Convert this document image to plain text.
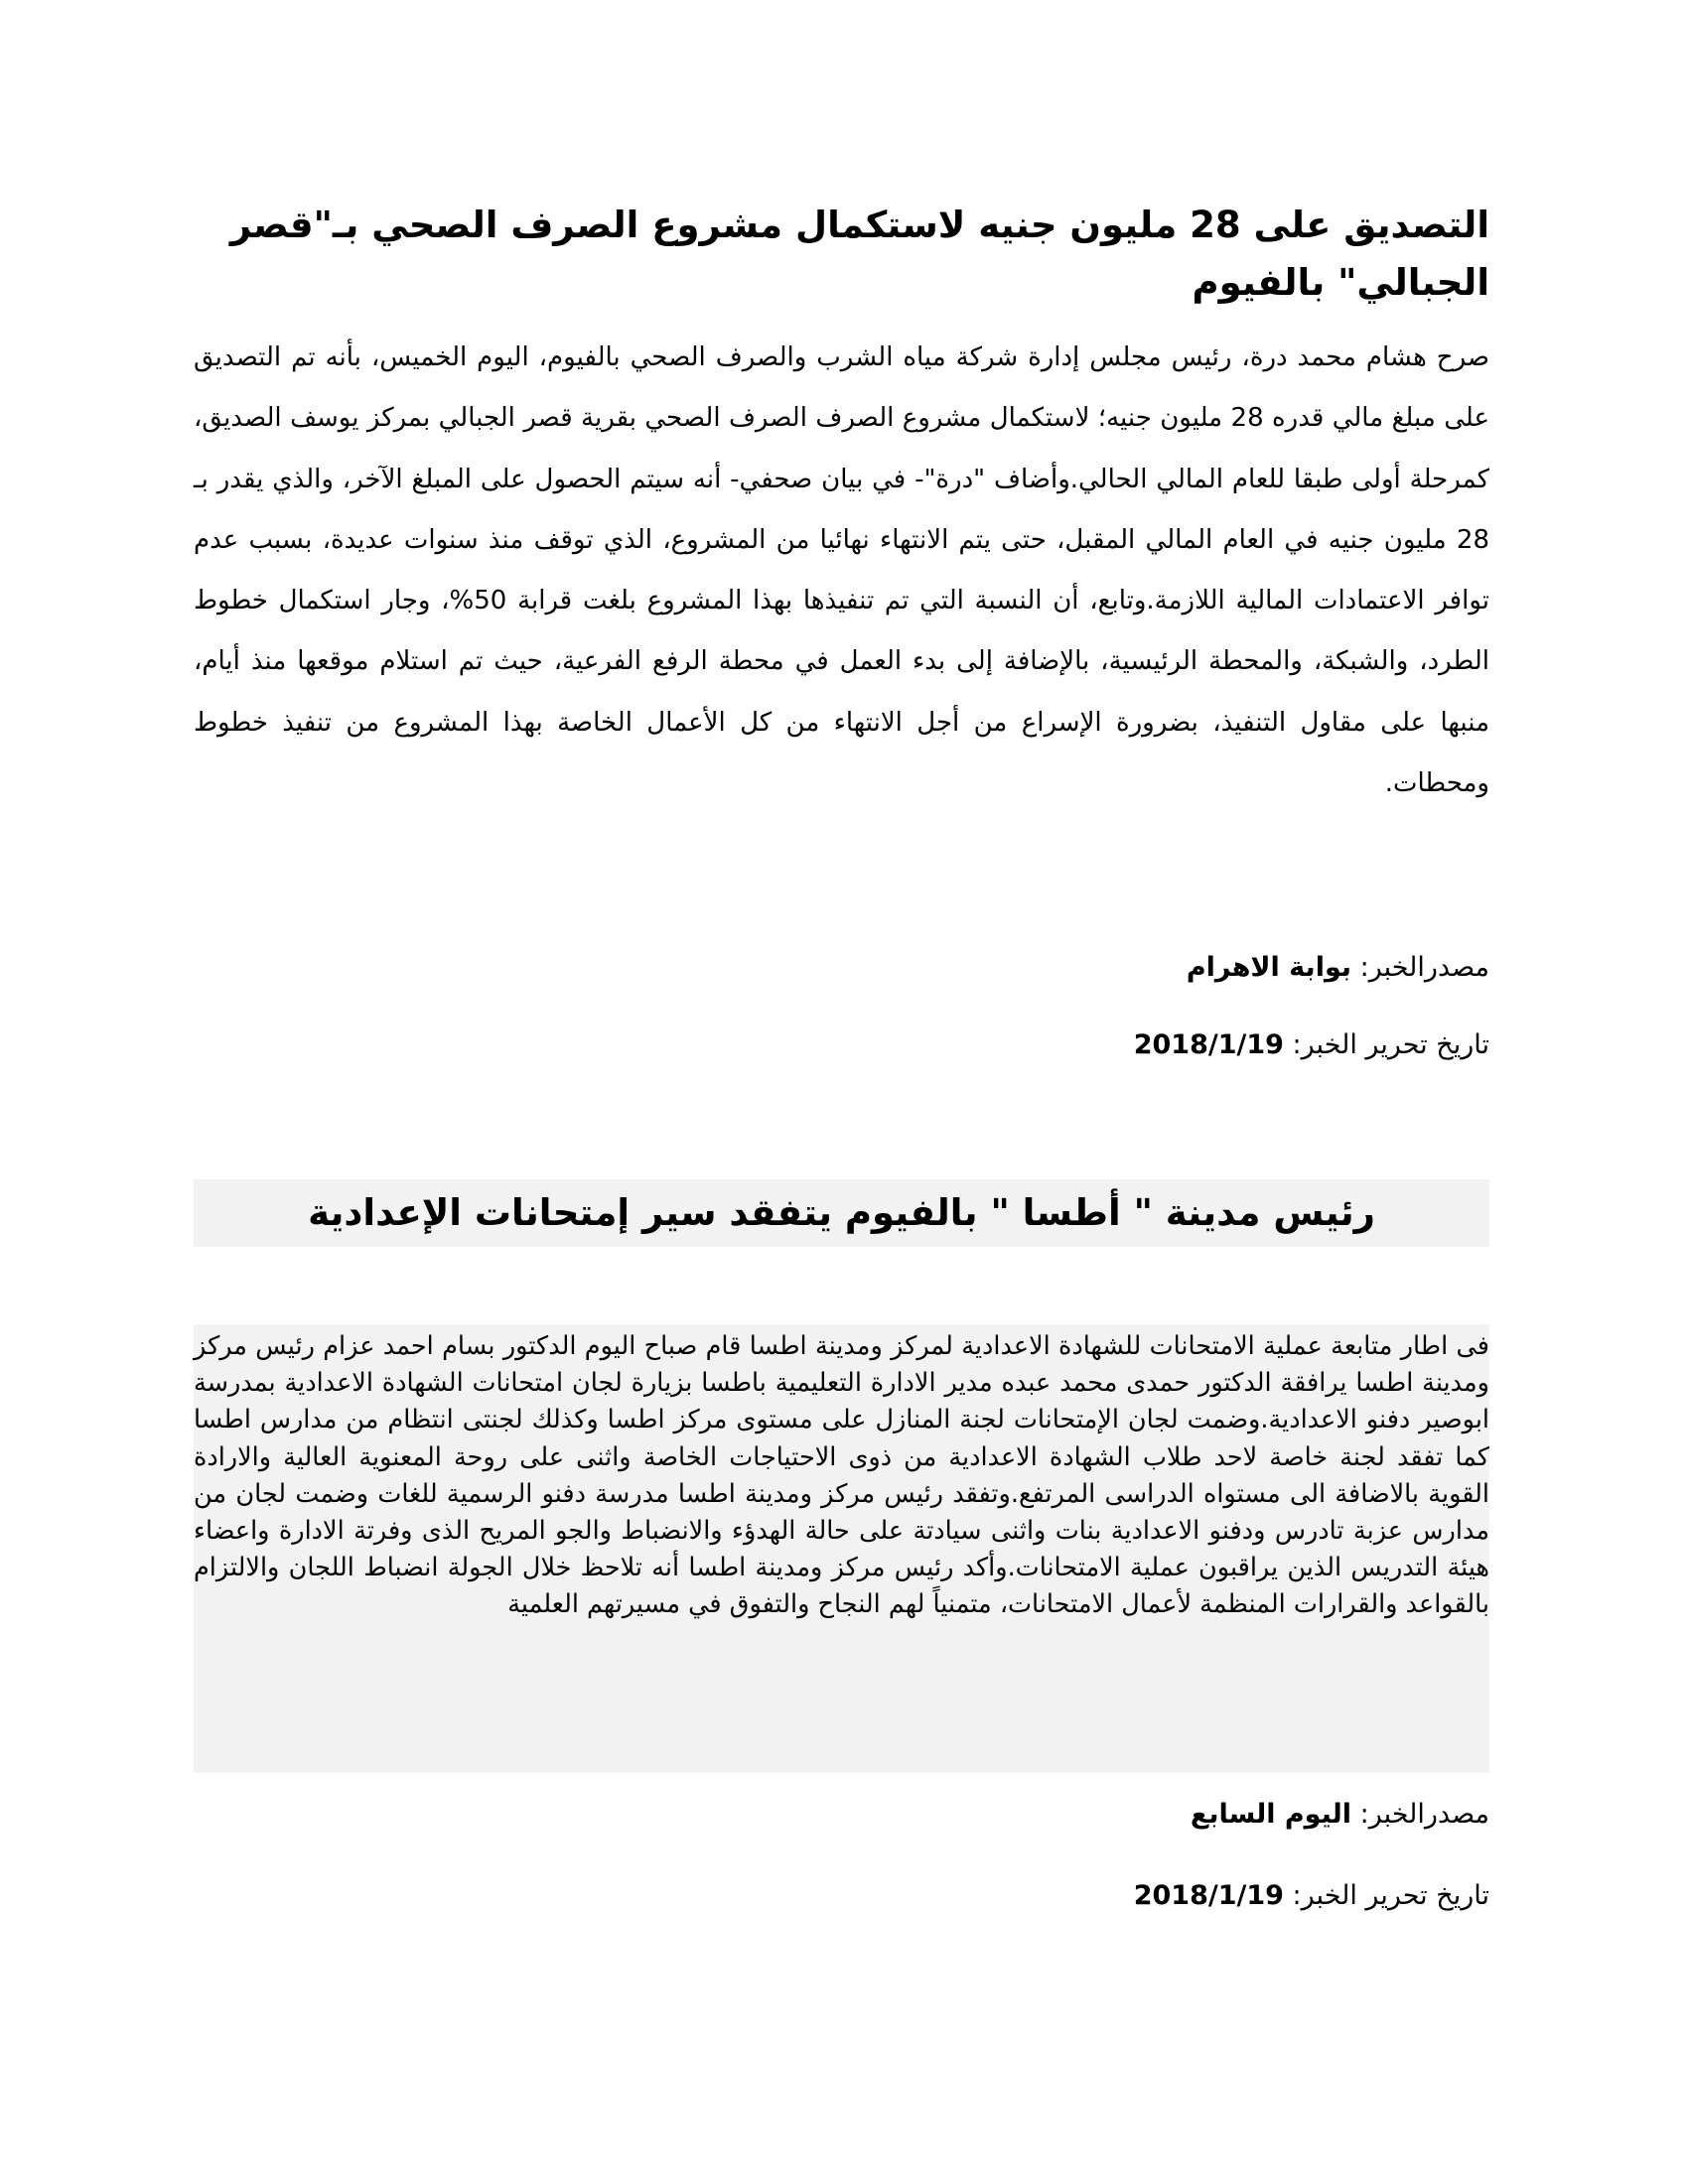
التصديق على 28 مليون جنيه لاستكمال مشروع الصرف الصحي بـ"قصر الجبالي" بالفيوم

صرح هشام محمد درة، رئيس مجلس إدارة شركة مياه الشرب والصرف الصحي بالفيوم، اليوم الخميس، بأنه تم التصديق على مبلغ مالي قدره 28 مليون جنيه؛ لاستكمال مشروع الصرف الصرف الصحي بقرية قصر الجبالي بمركز يوسف الصديق، كمرحلة أولى طبقا للعام المالي الحالي.وأضاف "درة"- في بيان صحفي- أنه سيتم الحصول على المبلغ الآخر، والذي يقدر بـ 28 مليون جنيه في العام المالي المقبل، حتى يتم الانتهاء نهائيا من المشروع، الذي توقف منذ سنوات عديدة، بسبب عدم توافر الاعتمادات المالية اللازمة.وتابع، أن النسبة التي تم تنفيذها بهذا المشروع بلغت قرابة 50%، وجار استكمال خطوط الطرد، والشبكة، والمحطة الرئيسية، بالإضافة إلى بدء العمل في محطة الرفع الفرعية، حيث تم استلام موقعها منذ أيام، منبها على مقاول التنفيذ، بضرورة الإسراع من أجل الانتهاء من كل الأعمال الخاصة بهذا المشروع من تنفيذ خطوط ومحطات.

مصدرالخبر: بوابة الاهرام
تاريخ تحرير الخبر: 2018/1/19
رئيس مدينة " أطسا " بالفيوم يتفقد سير إمتحانات الإعدادية

فى اطار متابعة عملية الامتحانات للشهادة الاعدادية لمركز ومدينة اطسا قام صباح اليوم الدكتور بسام احمد عزام رئيس مركز ومدينة اطسا يرافقة الدكتور حمدى محمد عبده مدير الادارة التعليمية باطسا بزيارة لجان امتحانات الشهادة الاعدادية بمدرسة ابوصير دفنو الاعدادية.وضمت لجان الإمتحانات لجنة المنازل على مستوى مركز اطسا وكذلك لجنتى انتظام من مدارس اطسا كما تفقد لجنة خاصة لاحد طلاب الشهادة الاعدادية من ذوى الاحتياجات الخاصة واثنى على روحة المعنوية العالية والارادة القوية بالاضافة الى مستواه الدراسى المرتفع.وتفقد رئيس مركز ومدينة اطسا مدرسة دفنو الرسمية للغات وضمت لجان من مدارس عزبة تادرس ودفنو الاعدادية بنات واثنى سيادتة على حالة الهدؤء والانضباط والجو المريح الذى وفرتة الادارة واعضاء هيئة التدريس الذين يراقبون عملية الامتحانات.وأكد رئيس مركز ومدينة اطسا أنه تلاحظ خلال الجولة انضباط اللجان والالتزام بالقواعد والقرارات المنظمة لأعمال الامتحانات، متمنياً لهم النجاح والتفوق في مسيرتهم العلمية

مصدرالخبر: اليوم السابع
تاريخ تحرير الخبر: 2018/1/19
